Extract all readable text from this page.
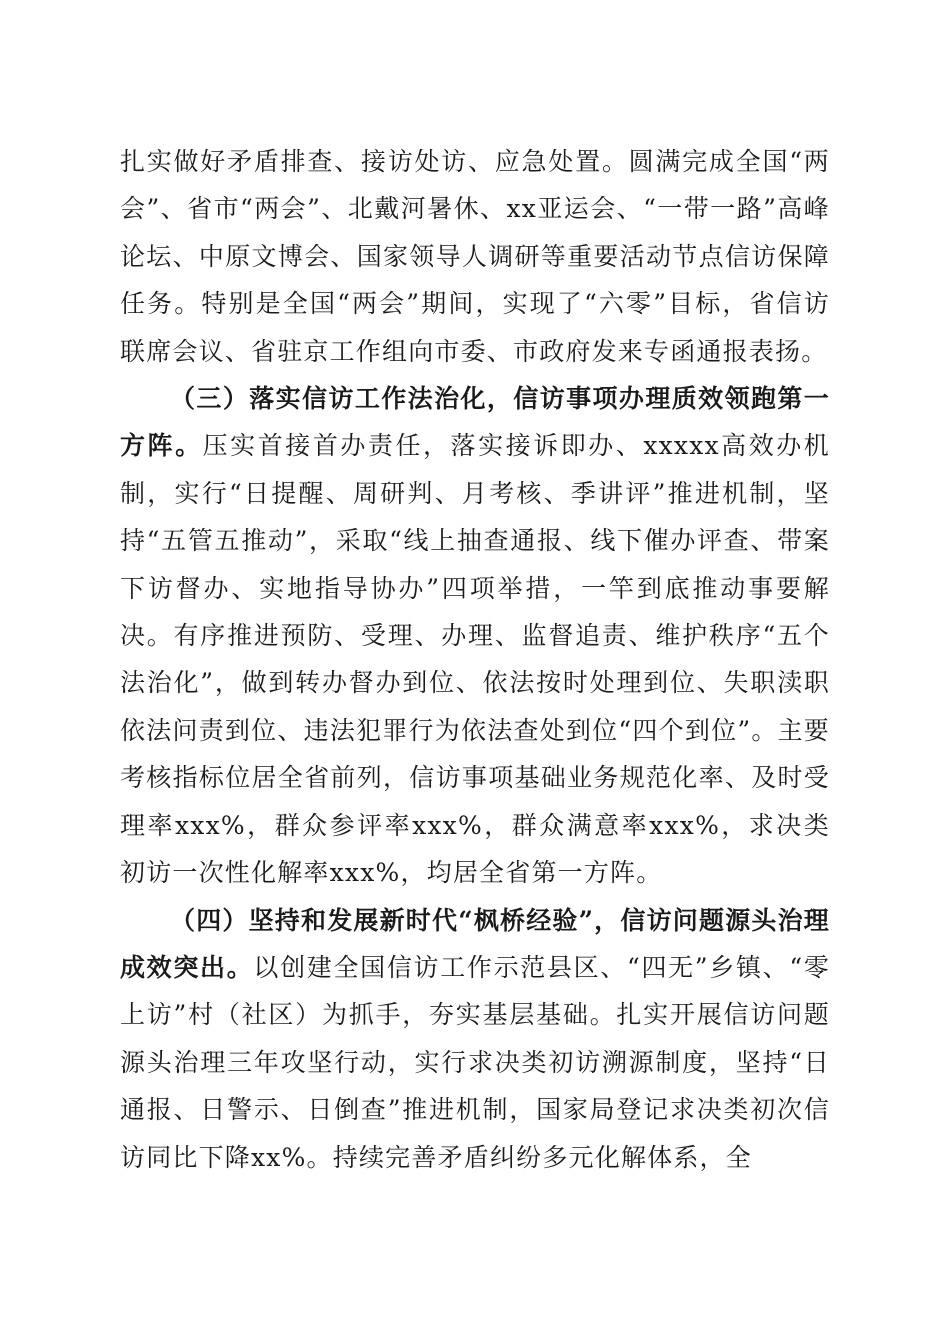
扎实做好矛盾排查、接访处访、应急处置。圆满完成全国“两会”、省市“两会”、北戴河暑休、xx亚运会、“一带一路”高峰论坛、中原文博会、国家领导人调研等重要活动节点信访保障任务。特别是全国“两会”期间，实现了“六零”目标，省信访联席会议、省驻京工作组向市委、市政府发来专函通报表扬。

（三）落实信访工作法治化，信访事项办理质效领跑第一方阵。压实首接首办责任，落实接诉即办、xxxxx高效办机制，实行“日提醒、周研判、月考核、季讲评”推进机制，坚持“五管五推动”，采取“线上抽查通报、线下催办评查、带案下访督办、实地指导协办”四项举措，一竿到底推动事要解决。有序推进预防、受理、办理、监督追责、维护秩序“五个法治化”，做到转办督办到位、依法按时处理到位、失职渎职依法问责到位、违法犯罪行为依法查处到位“四个到位”。主要考核指标位居全省前列，信访事项基础业务规范化率、及时受理率xxx%，群众参评率xxx%，群众满意率xxx%，求决类初访一次性化解率xxx%，均居全省第一方阵。

（四）坚持和发展新时代“枫桥经验”，信访问题源头治理成效突出。以创建全国信访工作示范县区、“四无”乡镇、“零上访”村（社区）为抓手，夯实基层基础。扎实开展信访问题源头治理三年攻坚行动，实行求决类初访溯源制度，坚持“日通报、日警示、日倒查”推进机制，国家局登记求决类初次信访同比下降xx%。持续完善矛盾纠纷多元化解体系，全
